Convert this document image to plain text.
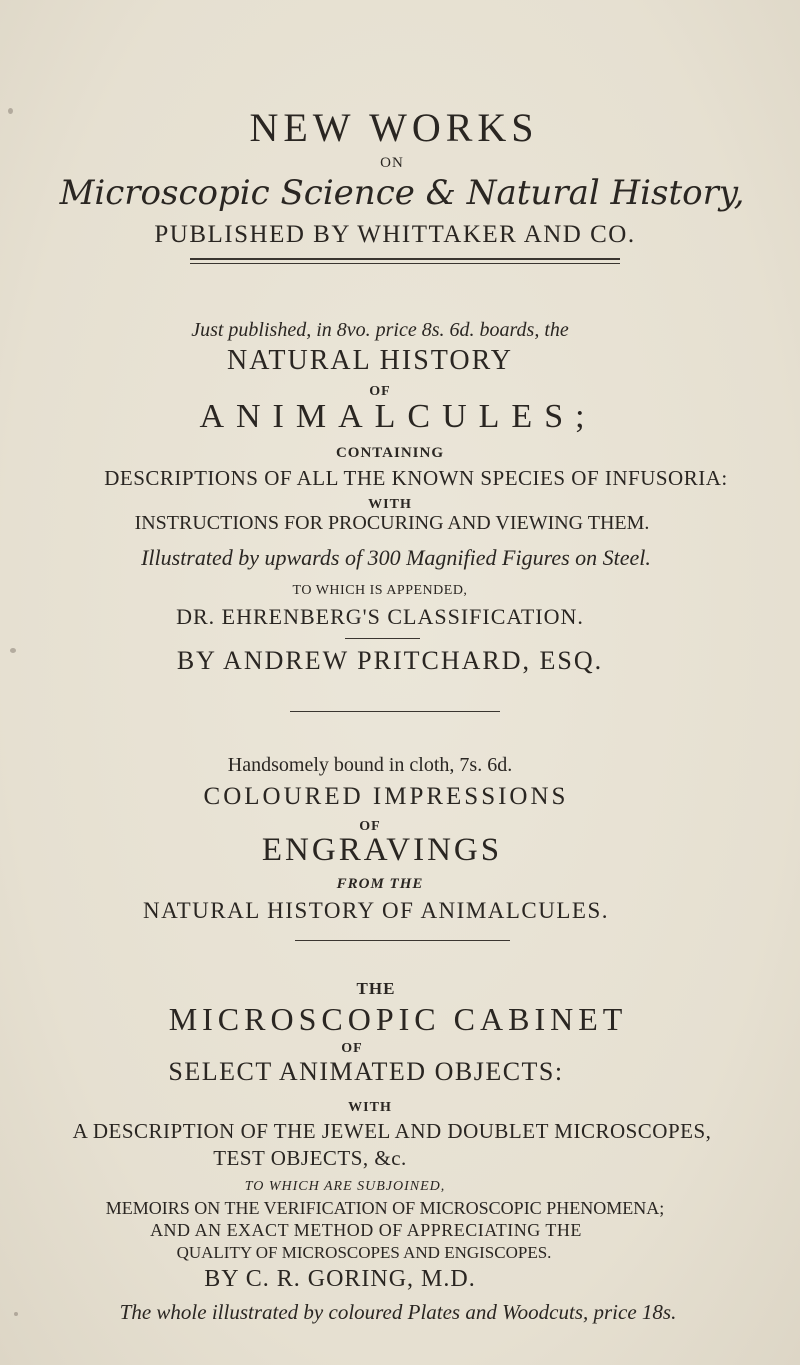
NEW WORKS
ON
Microscopic Science & Natural History,
PUBLISHED BY WHITTAKER AND CO.
Just published, in 8vo. price 8s. 6d. boards, the
NATURAL HISTORY
OF
ANIMALCULES;
CONTAINING
DESCRIPTIONS OF ALL THE KNOWN SPECIES OF INFUSORIA:
WITH
INSTRUCTIONS FOR PROCURING AND VIEWING THEM.
Illustrated by upwards of 300 Magnified Figures on Steel.
TO WHICH IS APPENDED,
DR. EHRENBERG'S CLASSIFICATION.
BY ANDREW PRITCHARD, ESQ.
Handsomely bound in cloth, 7s. 6d.
COLOURED IMPRESSIONS
OF
ENGRAVINGS
FROM THE
NATURAL HISTORY OF ANIMALCULES.
THE
MICROSCOPIC CABINET
OF
SELECT ANIMATED OBJECTS:
WITH
A DESCRIPTION OF THE JEWEL AND DOUBLET MICROSCOPES,
TEST OBJECTS, &c.
TO WHICH ARE SUBJOINED,
MEMOIRS ON THE VERIFICATION OF MICROSCOPIC PHENOMENA;
AND AN EXACT METHOD OF APPRECIATING THE
QUALITY OF MICROSCOPES AND ENGISCOPES.
BY C. R. GORING, M.D.
The whole illustrated by coloured Plates and Woodcuts, price 18s.
